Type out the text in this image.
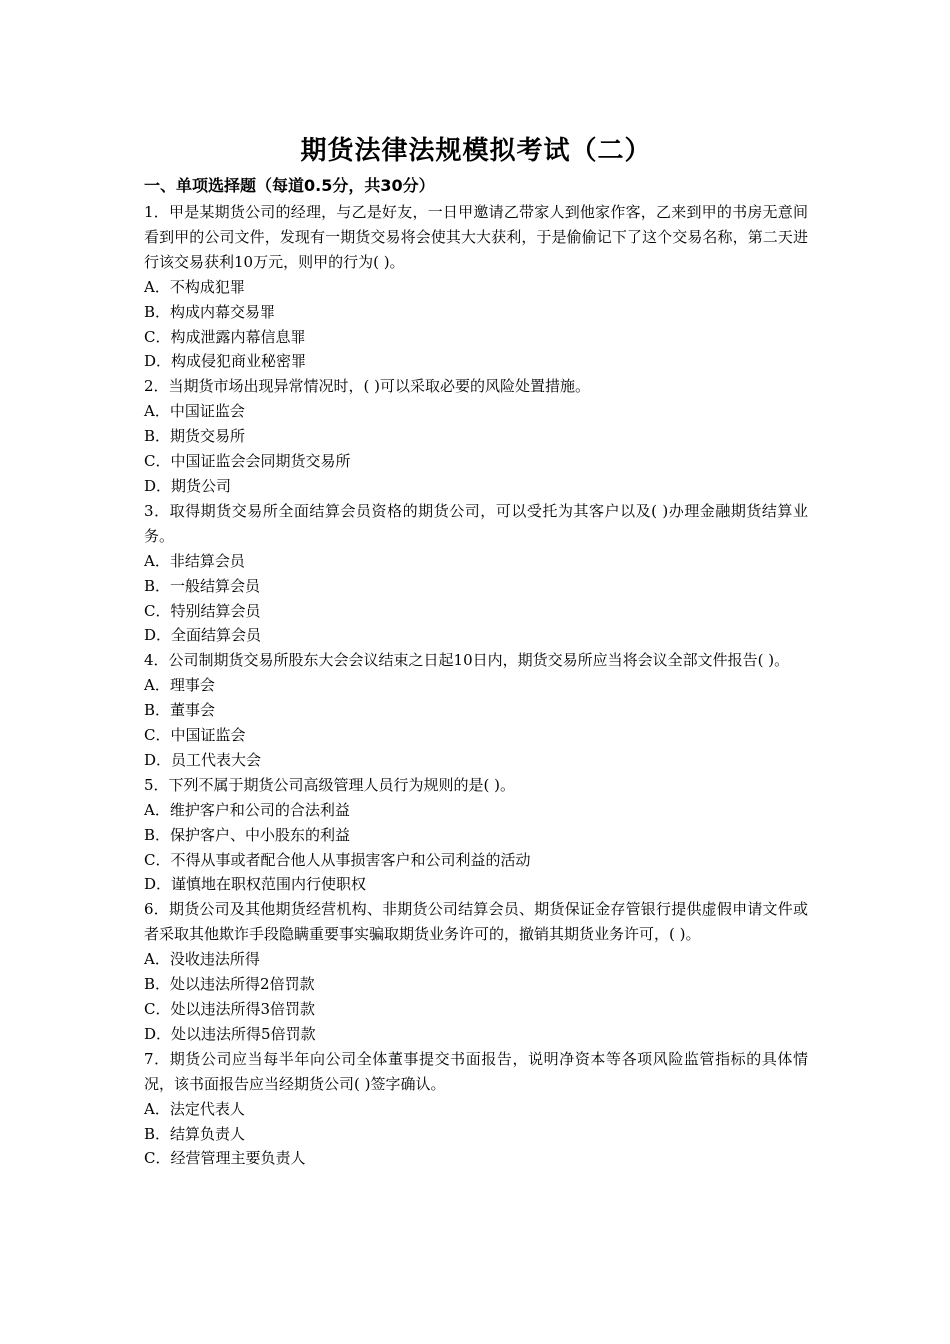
期货法律法规模拟考试（二）
一、单项选择题（每道0.5分，共30分）
1．甲是某期货公司的经理，与乙是好友，一日甲邀请乙带家人到他家作客，乙来到甲的书房无意间看到甲的公司文件，发现有一期货交易将会使其大大获利，于是偷偷记下了这个交易名称，第二天进行该交易获利10万元，则甲的行为( )。
A．不构成犯罪
B．构成内幕交易罪
C．构成泄露内幕信息罪
D．构成侵犯商业秘密罪
2．当期货市场出现异常情况时，( )可以采取必要的风险处置措施。
A．中国证监会
B．期货交易所
C．中国证监会会同期货交易所
D．期货公司
3．取得期货交易所全面结算会员资格的期货公司，可以受托为其客户以及( )办理金融期货结算业务。
A．非结算会员
B．一般结算会员
C．特别结算会员
D．全面结算会员
4．公司制期货交易所股东大会会议结束之日起10日内，期货交易所应当将会议全部文件报告( )。
A．理事会
B．董事会
C．中国证监会
D．员工代表大会
5．下列不属于期货公司高级管理人员行为规则的是( )。
A．维护客户和公司的合法利益
B．保护客户、中小股东的利益
C．不得从事或者配合他人从事损害客户和公司利益的活动
D．谨慎地在职权范围内行使职权
6．期货公司及其他期货经营机构、非期货公司结算会员、期货保证金存管银行提供虚假申请文件或者采取其他欺诈手段隐瞒重要事实骗取期货业务许可的，撤销其期货业务许可，( )。
A．没收违法所得
B．处以违法所得2倍罚款
C．处以违法所得3倍罚款
D．处以违法所得5倍罚款
7．期货公司应当每半年向公司全体董事提交书面报告，说明净资本等各项风险监管指标的具体情况，该书面报告应当经期货公司( )签字确认。
A．法定代表人
B．结算负责人
C．经营管理主要负责人
